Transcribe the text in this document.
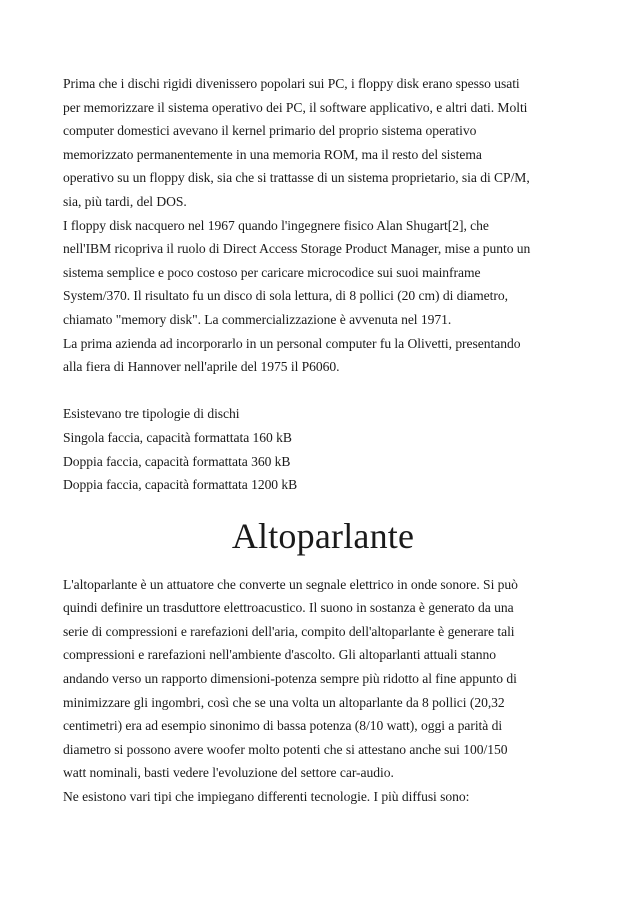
Prima che i dischi rigidi divenissero popolari sui PC, i floppy disk erano spesso usati
per memorizzare il sistema operativo dei PC, il software applicativo, e altri dati. Molti
computer domestici avevano il kernel primario del proprio sistema operativo
memorizzato permanentemente in una memoria ROM, ma il resto del sistema
operativo su un floppy disk, sia che si trattasse di un sistema proprietario, sia di CP/M,
sia, più tardi, del DOS.
I floppy disk nacquero nel 1967 quando l'ingegnere fisico Alan Shugart[2], che
nell'IBM ricopriva il ruolo di Direct Access Storage Product Manager, mise a punto un
sistema semplice e poco costoso per caricare microcodice sui suoi mainframe
System/370. Il risultato fu un disco di sola lettura, di 8 pollici (20 cm) di diametro,
chiamato "memory disk". La commercializzazione è avvenuta nel 1971.
La prima azienda ad incorporarlo in un personal computer fu la Olivetti, presentando
alla fiera di Hannover nell'aprile del 1975 il P6060.
Esistevano tre tipologie di dischi
Singola faccia, capacità formattata 160 kB
Doppia faccia, capacità formattata 360 kB
Doppia faccia, capacità formattata 1200 kB
Altoparlante
L'altoparlante è un attuatore che converte un segnale elettrico in onde sonore. Si può
quindi definire un trasduttore elettroacustico. Il suono in sostanza è generato da una
serie di compressioni e rarefazioni dell'aria, compito dell'altoparlante è generare tali
compressioni e rarefazioni nell'ambiente d'ascolto. Gli altoparlanti attuali stanno
andando verso un rapporto dimensioni-potenza sempre più ridotto al fine appunto di
minimizzare gli ingombri, così che se una volta un altoparlante da 8 pollici (20,32
centimetri) era ad esempio sinonimo di bassa potenza (8/10 watt), oggi a parità di
diametro si possono avere woofer molto potenti che si attestano anche sui 100/150
watt nominali, basti vedere l'evoluzione del settore car-audio.
Ne esistono vari tipi che impiegano differenti tecnologie. I più diffusi sono:
